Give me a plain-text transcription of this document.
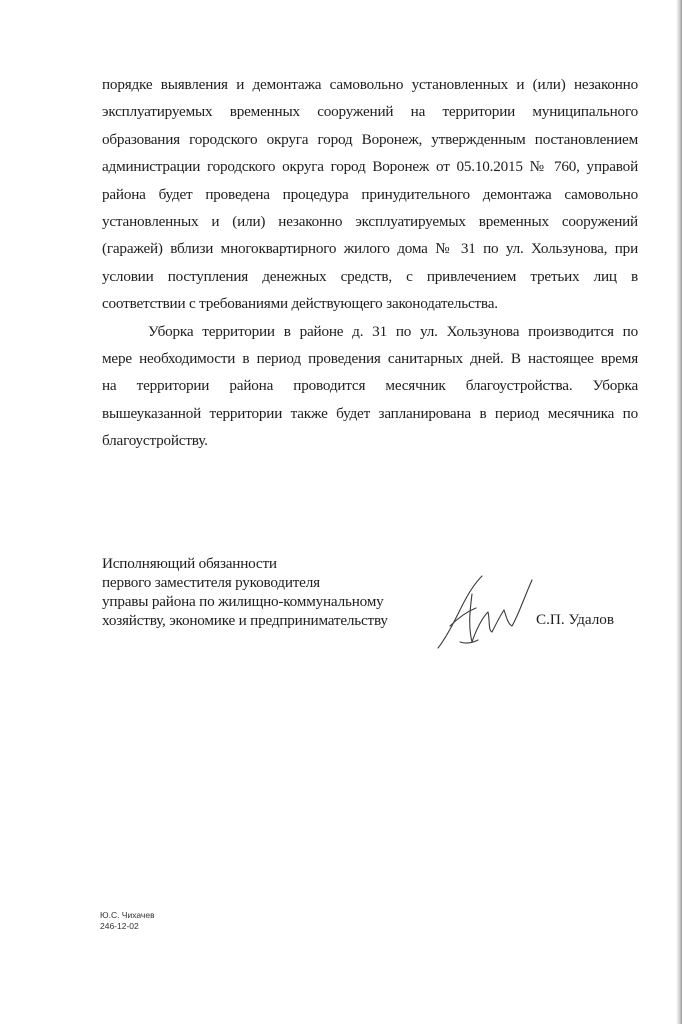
порядке выявления и демонтажа самовольно установленных и (или) незаконно
эксплуатируемых временных сооружений на территории муниципального
образования городского округа город Воронеж, утвержденным постановлением
администрации городского округа город Воронеж от 05.10.2015 № 760, управой
района будет проведена процедура принудительного демонтажа самовольно
установленных и (или) незаконно эксплуатируемых временных сооружений
(гаражей) вблизи многоквартирного жилого дома № 31 по ул. Хользунова, при
условии поступления денежных средств, с привлечением третьих лиц в
соответствии с требованиями действующего законодательства.
Уборка территории в районе д. 31 по ул. Хользунова производится по
мере необходимости в период проведения санитарных дней. В настоящее время
на территории района проводится месячник благоустройства. Уборка
вышеуказанной территории также будет запланирована в период месячника по
благоустройству.
Исполняющий обязанности
первого заместителя руководителя
управы района по жилищно-коммунальному
хозяйству, экономике и предпринимательству	С.П. Удалов
Ю.С. Чихачев
246-12-02
